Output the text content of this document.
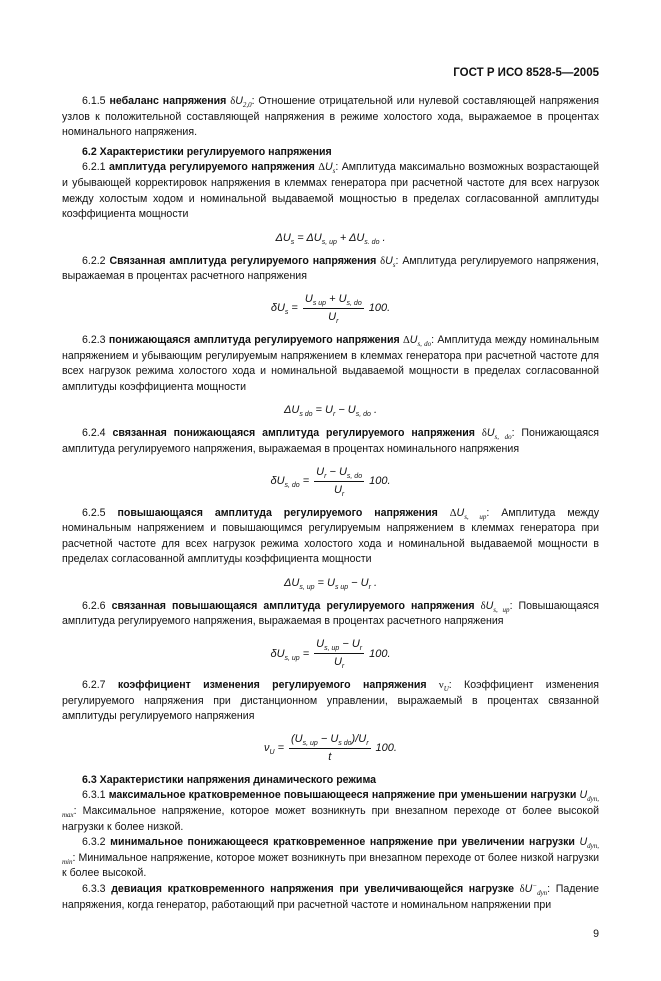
ГОСТ Р ИСО 8528-5—2005

6.1.5 небаланс напряжения $\delta U_{2,0}$: Отношение отрицательной или нулевой составляющей напряжения узлов к положительной составляющей напряжения в режиме холостого хода, выражаемое в процентах номинального напряжения.

6.2 Характеристики регулируемого напряжения

6.2.1 амплитуда регулируемого напряжения $\Delta U_s$: Амплитуда максимально возможных возрастающей и убывающей корректировок напряжения в клеммах генератора при расчетной частоте для всех нагрузок между холостым ходом и номинальной выдаваемой мощностью в пределах согласованной амплитуды коэффициента мощности

$\Delta U_s = \Delta U_{s, up} + \Delta U_{s. do}$ .

6.2.2 Связанная амплитуда регулируемого напряжения $\delta U_s$: Амплитуда регулируемого напряжения, выражаемая в процентах расчетного напряжения

$\delta U_s = \frac{U_{s up} + U_{s, do}}{U_r} 100$.

6.2.3 понижающаяся амплитуда регулируемого напряжения $\Delta U_{s, do}$: Амплитуда между номинальным напряжением и убывающим регулируемым напряжением в клеммах генератора при расчетной частоте для всех нагрузок режима холостого хода и номинальной выдаваемой мощности в пределах согласованной амплитуды коэффициента мощности

$\Delta U_{s do} = U_r - U_{s, do}$ .

6.2.4 связанная понижающаяся амплитуда регулируемого напряжения $\delta U_{s, do}$: Понижающаяся амплитуда регулируемого напряжения, выражаемая в процентах номинального напряжения

$\delta U_{s, do} = \frac{U_r - U_{s, do}}{U_r} 100$.

6.2.5 повышающаяся амплитуда регулируемого напряжения $\Delta U_{s, up}$: Амплитуда между номинальным напряжением и повышающимся регулируемым напряжением в клеммах генератора при расчетной частоте для всех нагрузок режима холостого хода и номинальной выдаваемой мощности в пределах согласованной амплитуды коэффициента мощности

$\Delta U_{s, up} = U_{s up} - U_r$ .

6.2.6 связанная повышающаяся амплитуда регулируемого напряжения $\delta U_{s, up}$: Повышающаяся амплитуда регулируемого напряжения, выражаемая в процентах расчетного напряжения

$\delta U_{s, up} = \frac{U_{s, up} - U_r}{U_r} 100$.

6.2.7 коэффициент изменения регулируемого напряжения $\nu_U$: Коэффициент изменения регулируемого напряжения при дистанционном управлении, выражаемый в процентах связанной амплитуды регулируемого напряжения

$\nu_U = \frac{(U_{s, up} - U_{s do})/U_r}{t} 100$.

6.3 Характеристики напряжения динамического режима

6.3.1 максимальное кратковременное повышающееся напряжение при уменьшении нагрузки $U_{dyn, max}$: Максимальное напряжение, которое может возникнуть при внезапном переходе от более высокой нагрузки к более низкой.

6.3.2 минимальное понижающееся кратковременное напряжение при увеличении нагрузки $U_{dyn, min}$: Минимальное напряжение, которое может возникнуть при внезапном переходе от более низкой нагрузки к более высокой.

6.3.3 девиация кратковременного напряжения при увеличивающейся нагрузке $\delta U^-_{dyn}$: Падение напряжения, когда генератор, работающий при расчетной частоте и номинальном напряжении при

9
